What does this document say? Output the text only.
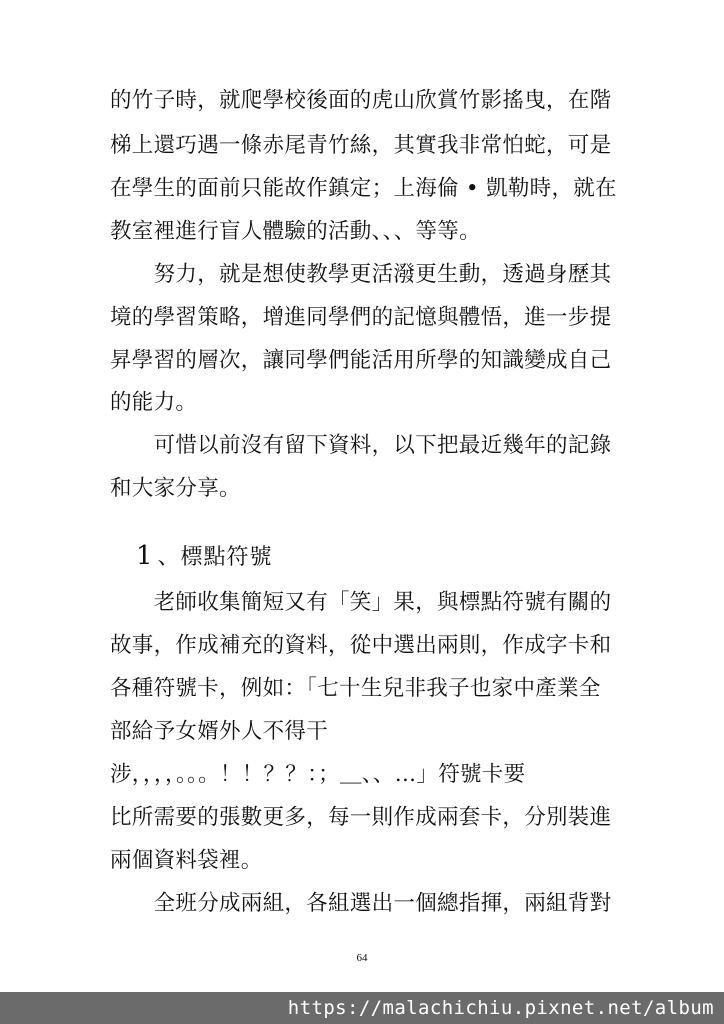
的竹子時，就爬學校後面的虎山欣賞竹影搖曳，在階
梯上還巧遇一條赤尾青竹絲，其實我非常怕蛇，可是
在學生的面前只能故作鎮定；上海倫 • 凱勒時，就在
教室裡進行盲人體驗的活動、、、等等。
　　努力，就是想使教學更活潑更生動，透過身歷其
境的學習策略，增進同學們的記憶與體悟，進一步提
昇學習的層次，讓同學們能活用所學的知識變成自己
的能力。
　　可惜以前沒有留下資料，以下把最近幾年的記錄
和大家分享。
1 、標點符號
　　老師收集簡短又有「笑」果，與標點符號有關的
故事，作成補充的資料，從中選出兩則，作成字卡和
各種符號卡，例如：「七十生兒非我子也家中產業全
部給予女婿外人不得干
涉，，，，。。。！！？？：；＿、、…」符號卡要
比所需要的張數更多，每一則作成兩套卡，分別裝進
兩個資料袋裡。
　　全班分成兩組，各組選出一個總指揮，兩組背對
64
https://malachichiu.pixnet.net/album
